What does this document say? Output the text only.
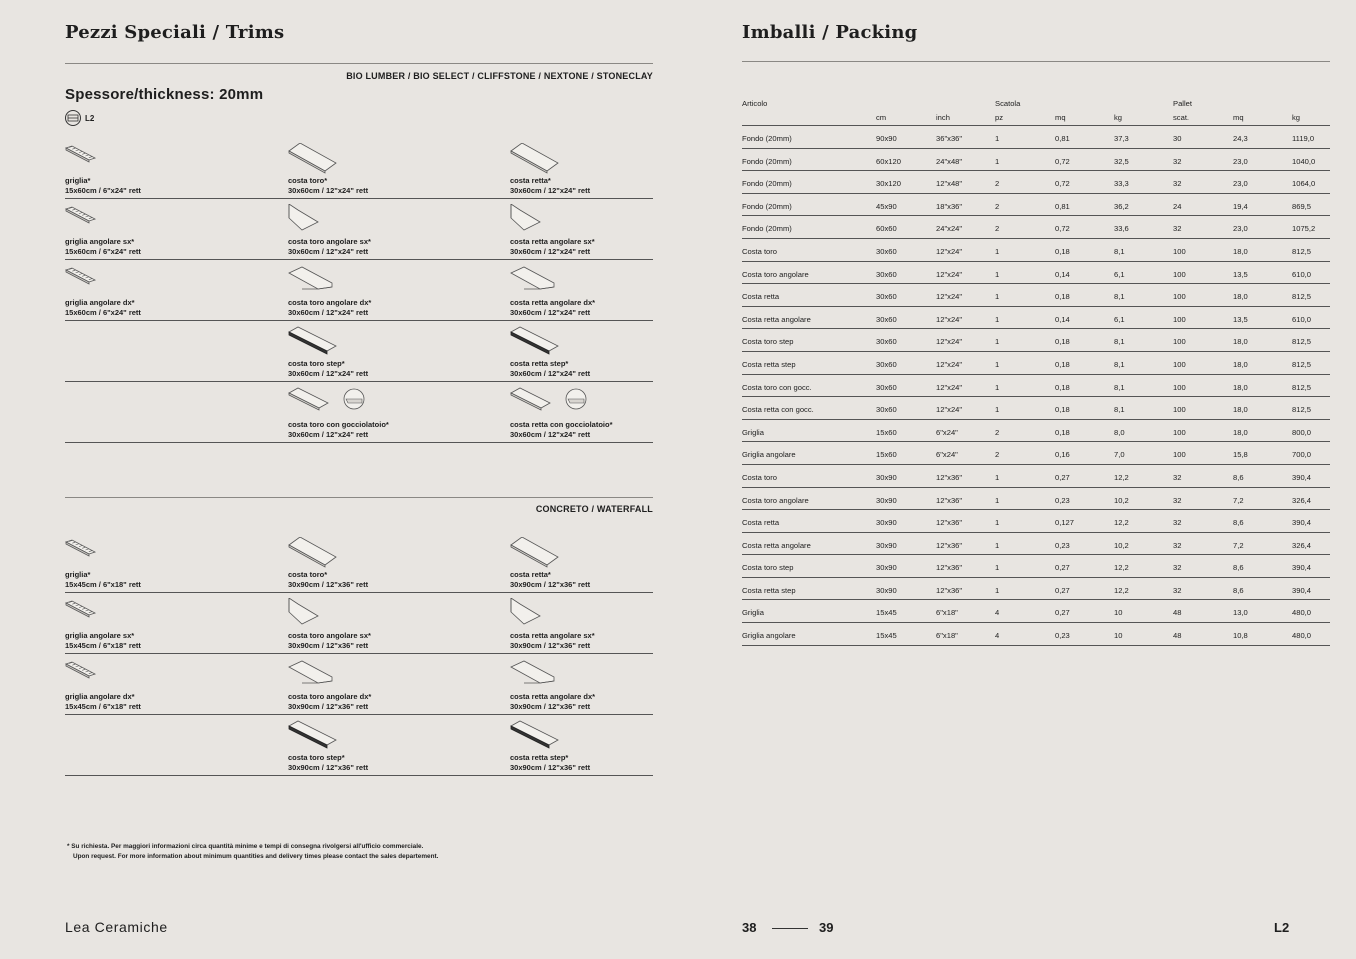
Pezzi Speciali / Trims
BIO LUMBER / BIO SELECT / CLIFFSTONE / NEXTONE / STONECLAY
Spessore/thickness: 20mm
L2
griglia*
15x60cm / 6"x24" rett
costa toro*
30x60cm / 12"x24" rett
costa retta*
30x60cm / 12"x24" rett
griglia angolare sx*
15x60cm / 6"x24" rett
costa toro angolare sx*
30x60cm / 12"x24" rett
costa retta angolare sx*
30x60cm / 12"x24" rett
griglia angolare dx*
15x60cm / 6"x24" rett
costa toro angolare dx*
30x60cm / 12"x24" rett
costa retta angolare dx*
30x60cm / 12"x24" rett
costa toro step*
30x60cm / 12"x24" rett
costa retta step*
30x60cm / 12"x24" rett
costa toro con gocciolatoio*
30x60cm / 12"x24" rett
costa retta con gocciolatoio*
30x60cm / 12"x24" rett
CONCRETO / WATERFALL
griglia*
15x45cm / 6"x18" rett
costa toro*
30x90cm / 12"x36" rett
costa retta*
30x90cm / 12"x36" rett
griglia angolare sx*
15x45cm / 6"x18" rett
costa toro angolare sx*
30x90cm / 12"x36" rett
costa retta angolare sx*
30x90cm / 12"x36" rett
griglia angolare dx*
15x45cm / 6"x18" rett
costa toro angolare dx*
30x90cm / 12"x36" rett
costa retta angolare dx*
30x90cm / 12"x36" rett
costa toro step*
30x90cm / 12"x36" rett
costa retta step*
30x90cm / 12"x36" rett
* Su richiesta. Per maggiori informazioni circa quantità minime e tempi di consegna rivolgersi all'ufficio commerciale.
Upon request. For more information about minimum quantities and delivery times please contact the sales departement.
Lea Ceramiche	38	39
Imballi / Packing
Articolo	Scatola	Pallet
cm	inch	pz	mq	kg	scat.	mq	kg
Fondo (20mm)	90x90	36"x36"	1	0,81	37,3	30	24,3	1119,0
Fondo (20mm)	60x120	24"x48"	1	0,72	32,5	32	23,0	1040,0
Fondo (20mm)	30x120	12"x48"	2	0,72	33,3	32	23,0	1064,0
Fondo (20mm)	45x90	18"x36"	2	0,81	36,2	24	19,4	869,5
Fondo (20mm)	60x60	24"x24"	2	0,72	33,6	32	23,0	1075,2
Costa toro	30x60	12"x24"	1	0,18	8,1	100	18,0	812,5
Costa toro angolare	30x60	12"x24"	1	0,14	6,1	100	13,5	610,0
Costa retta	30x60	12"x24"	1	0,18	8,1	100	18,0	812,5
Costa retta angolare	30x60	12"x24"	1	0,14	6,1	100	13,5	610,0
Costa toro step	30x60	12"x24"	1	0,18	8,1	100	18,0	812,5
Costa retta step	30x60	12"x24"	1	0,18	8,1	100	18,0	812,5
Costa toro con gocc.	30x60	12"x24"	1	0,18	8,1	100	18,0	812,5
Costa retta con gocc.	30x60	12"x24"	1	0,18	8,1	100	18,0	812,5
Griglia	15x60	6"x24"	2	0,18	8,0	100	18,0	800,0
Griglia angolare	15x60	6"x24"	2	0,16	7,0	100	15,8	700,0
Costa toro	30x90	12"x36"	1	0,27	12,2	32	8,6	390,4
Costa toro angolare	30x90	12"x36"	1	0,23	10,2	32	7,2	326,4
Costa retta	30x90	12"x36"	1	0,127	12,2	32	8,6	390,4
Costa retta angolare	30x90	12"x36"	1	0,23	10,2	32	7,2	326,4
Costa toro step	30x90	12"x36"	1	0,27	12,2	32	8,6	390,4
Costa retta step	30x90	12"x36"	1	0,27	12,2	32	8,6	390,4
Griglia	15x45	6"x18"	4	0,27	10	48	13,0	480,0
Griglia angolare	15x45	6"x18"	4	0,23	10	48	10,8	480,0
L2
